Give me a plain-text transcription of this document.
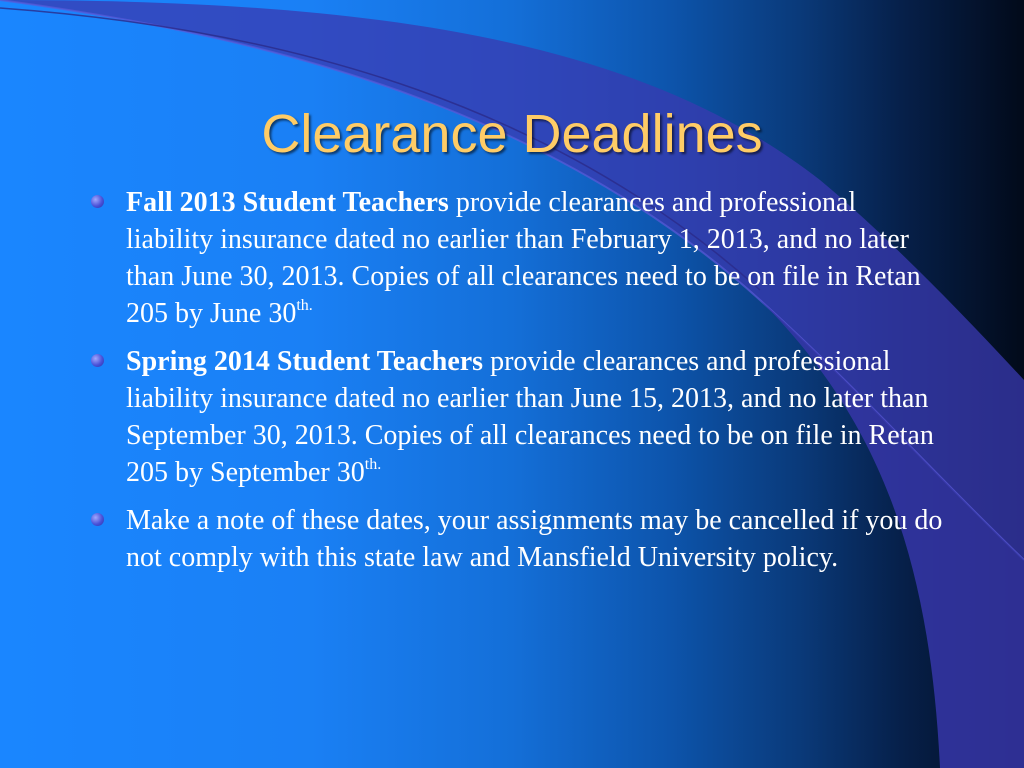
Clearance Deadlines
Fall 2013 Student Teachers provide clearances and professional liability insurance dated no earlier than February 1, 2013, and no later than June 30, 2013. Copies of all clearances need to be on file in Retan 205 by June $30^{th.}$
Spring 2014 Student Teachers provide clearances and professional liability insurance dated no earlier than June 15, 2013, and no later than September 30, 2013. Copies of all clearances need to be on file in Retan 205 by September $30^{th.}$
Make a note of these dates, your assignments may be cancelled if you do not comply with this state law and Mansfield University policy.
